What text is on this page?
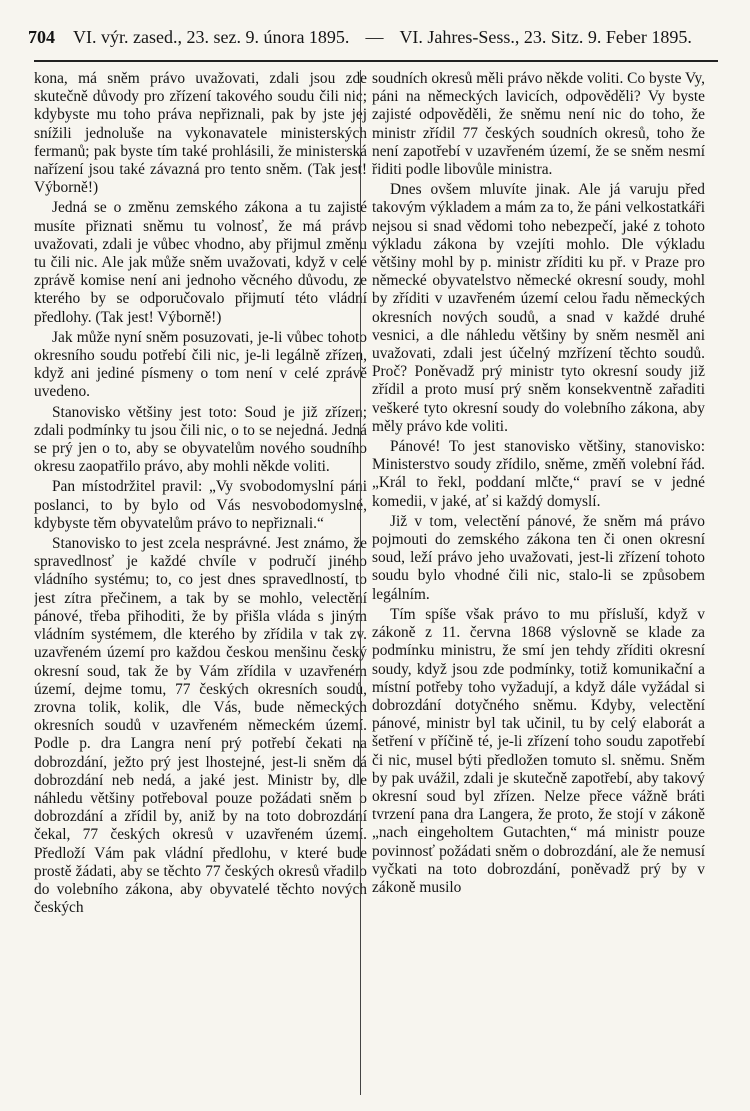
704 VI. výr. zased., 23. sez. 9. února 1895. — VI. Jahres-Sess., 23. Sitz. 9. Feber 1895.

kona, má sněm právo uvažovati, zdali jsou zde skutečně důvody pro zřízení takového soudu čili nic; kdybyste mu toho práva nepřiznali, pak by jste jej snížili jednoluše na vykonavatele ministerských fermanů; pak byste tím také prohlásili, že ministerská nařízení jsou také závazná pro tento sněm. (Tak jest! Výborně!)

Jedná se o změnu zemského zákona a tu zajisté musíte přiznati sněmu tu volnosť, že má právo uvažovati, zdali je vůbec vhodno, aby přijmul změnu tu čili nic. Ale jak může sněm uvažovati, když v celé zprávě komise není ani jednoho věcného důvodu, ze kterého by se odporučovalo přijmutí této vládní předlohy. (Tak jest! Výborně!)

Jak může nyní sněm posuzovati, je-li vůbec tohoto okresního soudu potřebí čili nic, je-li legálně zřízen, když ani jediné písmeny o tom není v celé zprávě uvedeno.

Stanovisko většiny jest toto: Soud je již zřízen; zdali podmínky tu jsou čili nic, o to se nejedná. Jedná se prý jen o to, aby se obyvatelům nového soudního okresu zaopatřilo právo, aby mohli někde voliti.

Pan místodržitel pravil: „Vy svobodomyslní páni poslanci, to by bylo od Vás nesvobodomyslné, kdybyste těm obyvatelům právo to nepřiznali.“

Stanovisko to jest zcela nesprávné. Jest známo, že spravedlnosť je každé chvíle v područí jiného vládního systému; to, co jest dnes spravedlností, to jest zítra přečinem, a tak by se mohlo, velectění pánové, třeba přihoditi, že by přišla vláda s jiným vládním systémem, dle kterého by zřídila v tak zv. uzavřeném území pro každou českou menšinu český okresní soud, tak že by Vám zřídila v uzavřeném území, dejme tomu, 77 českých okresních soudů, zrovna tolik, kolik, dle Vás, bude německých okresních soudů v uzavřeném německém území. Podle p. dra Langra není prý potřebí čekati na dobrozdání, ježto prý jest lhostejné, jest-li sněm dá dobrozdání neb nedá, a jaké jest. Ministr by, dle náhledu většiny potřeboval pouze požádati sněm o dobrozdání a zřídil by, aniž by na toto dobrozdání čekal, 77 českých okresů v uzavřeném území. Předloží Vám pak vládní předlohu, v které bude prostě žádati, aby se těchto 77 českých okresů vřadilo do volebního zákona, aby obyvatelé těchto nových českých

soudních okresů měli právo někde voliti. Co byste Vy, páni na německých lavicích, odpověděli? Vy byste zajisté odpověděli, že sněmu není nic do toho, že ministr zřídil 77 českých soudních okresů, toho že není zapotřebí v uzavřeném území, že se sněm nesmí řiditi podle libovůle ministra.

Dnes ovšem mluvíte jinak. Ale já varuju před takovým výkladem a mám za to, že páni velkostatkáři nejsou si snad vědomi toho nebezpečí, jaké z tohoto výkladu zákona by vzejíti mohlo. Dle výkladu většiny mohl by p. ministr zříditi ku př. v Praze pro německé obyvatelstvo německé okresní soudy, mohl by zříditi v uzavřeném území celou řadu německých okresních nových soudů, a snad v každé druhé vesnici, a dle náhledu většiny by sněm nesměl ani uvažovati, zdali jest účelný mzřízení těchto soudů. Proč? Poněvadž prý ministr tyto okresní soudy již zřídil a proto musí prý sněm konsekventně zařaditi veškeré tyto okresní soudy do volebního zákona, aby měly právo kde voliti.

Pánové! To jest stanovisko většiny, stanovisko: Ministerstvo soudy zřídilo, sněme, změň volební řád. „Král to řekl, poddaní mlčte,“ praví se v jedné komedii, v jaké, ať si každý domyslí.

Již v tom, velectění pánové, že sněm má právo pojmouti do zemského zákona ten či onen okresní soud, leží právo jeho uvažovati, jest-li zřízení tohoto soudu bylo vhodné čili nic, stalo-li se způsobem legálním.

Tím spíše však právo to mu přísluší, když v zákoně z 11. června 1868 výslovně se klade za podmínku ministru, že smí jen tehdy zříditi okresní soudy, když jsou zde podmínky, totiž komunikační a místní potřeby toho vyžadují, a když dále vyžádal si dobrozdání dotyčného sněmu. Kdyby, velectění pánové, ministr byl tak učinil, tu by celý elaborát a šetření v příčině té, je-li zřízení toho soudu zapotřebí či nic, musel býti předložen tomuto sl. sněmu. Sněm by pak uvážil, zdali je skutečně zapotřebí, aby takový okresní soud byl zřízen. Nelze přece vážně bráti tvrzení pana dra Langera, že proto, že stojí v zákoně „nach eingeholtem Gutachten,“ má ministr pouze povinnosť požádati sněm o dobrozdání, ale že nemusí vyčkati na toto dobrozdání, poněvadž prý by v zákoně musilo
